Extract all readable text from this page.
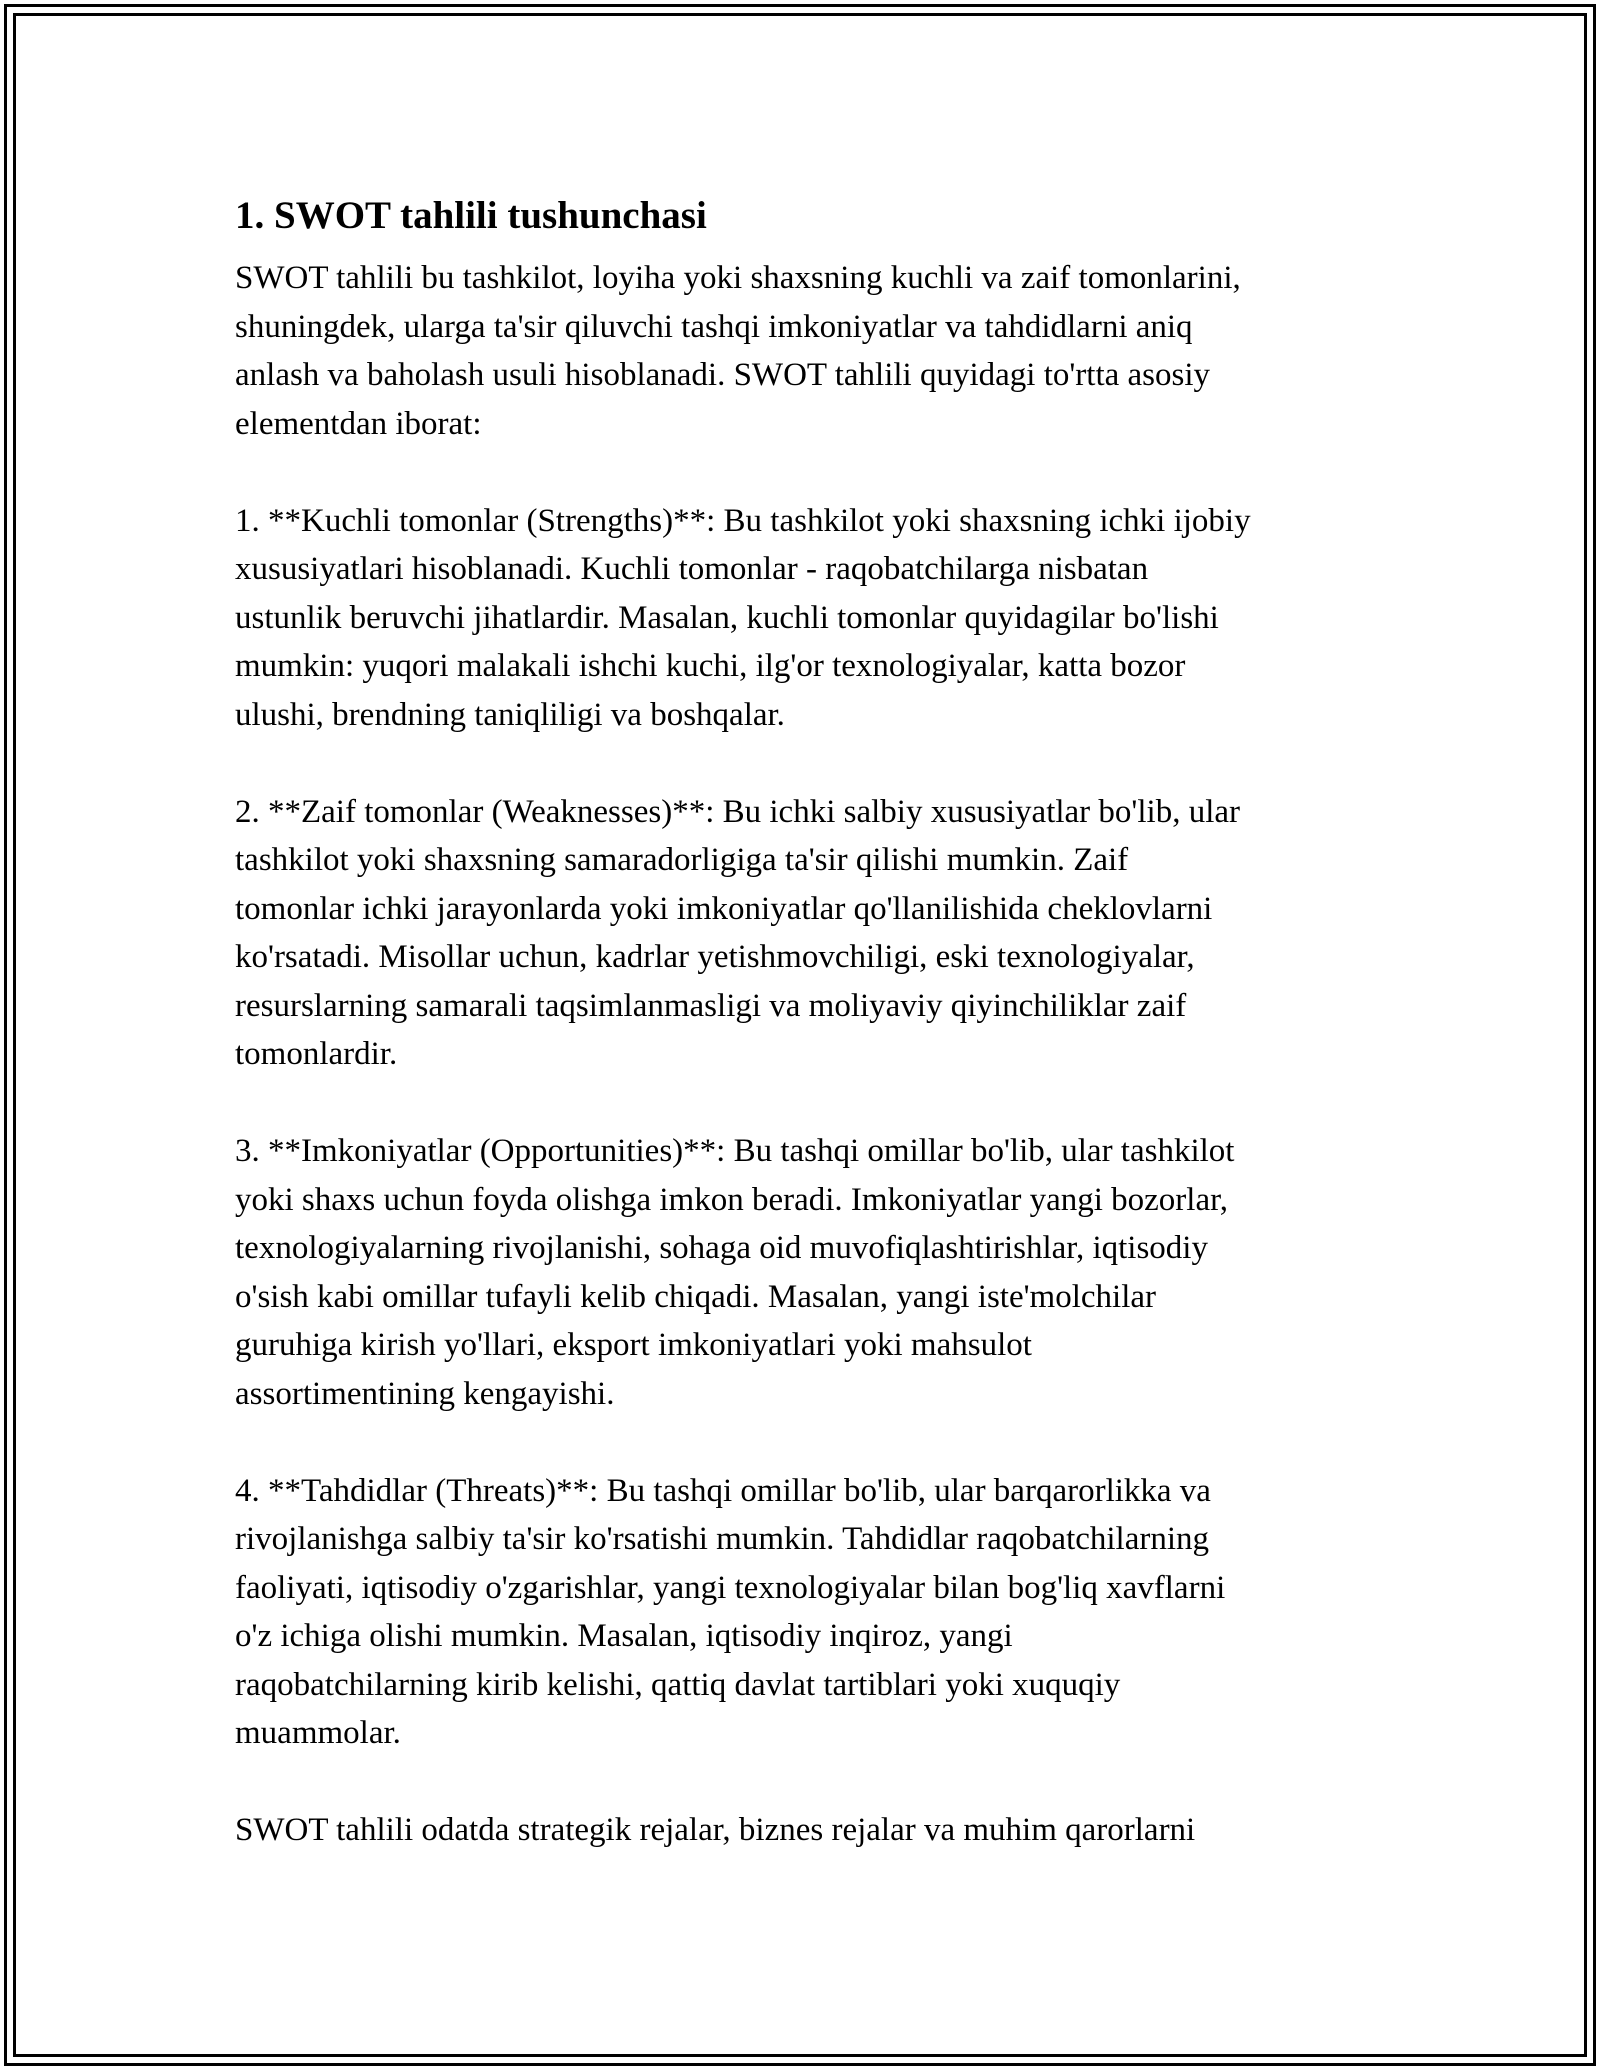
1. SWOT tahlili tushunchasi
SWOT tahlili bu tashkilot, loyiha yoki shaxsning kuchli va zaif tomonlarini,
shuningdek, ularga ta'sir qiluvchi tashqi imkoniyatlar va tahdidlarni aniq
anlash va baholash usuli hisoblanadi. SWOT tahlili quyidagi to'rtta asosiy
elementdan iborat:
1. **Kuchli tomonlar (Strengths)**: Bu tashkilot yoki shaxsning ichki ijobiy
xususiyatlari hisoblanadi. Kuchli tomonlar - raqobatchilarga nisbatan
ustunlik beruvchi jihatlardir. Masalan, kuchli tomonlar quyidagilar bo'lishi
mumkin: yuqori malakali ishchi kuchi, ilg'or texnologiyalar, katta bozor
ulushi, brendning taniqliligi va boshqalar.
2. **Zaif tomonlar (Weaknesses)**: Bu ichki salbiy xususiyatlar bo'lib, ular
tashkilot yoki shaxsning samaradorligiga ta'sir qilishi mumkin. Zaif
tomonlar ichki jarayonlarda yoki imkoniyatlar qo'llanilishida cheklovlarni
ko'rsatadi. Misollar uchun, kadrlar yetishmovchiligi, eski texnologiyalar,
resurslarning samarali taqsimlanmasligi va moliyaviy qiyinchiliklar zaif
tomonlardir.
3. **Imkoniyatlar (Opportunities)**: Bu tashqi omillar bo'lib, ular tashkilot
yoki shaxs uchun foyda olishga imkon beradi. Imkoniyatlar yangi bozorlar,
texnologiyalarning rivojlanishi, sohaga oid muvofiqlashtirishlar, iqtisodiy
o'sish kabi omillar tufayli kelib chiqadi. Masalan, yangi iste'molchilar
guruhiga kirish yo'llari, eksport imkoniyatlari yoki mahsulot
assortimentining kengayishi.
4. **Tahdidlar (Threats)**: Bu tashqi omillar bo'lib, ular barqarorlikka va
rivojlanishga salbiy ta'sir ko'rsatishi mumkin. Tahdidlar raqobatchilarning
faoliyati, iqtisodiy o'zgarishlar, yangi texnologiyalar bilan bog'liq xavflarni
o'z ichiga olishi mumkin. Masalan, iqtisodiy inqiroz, yangi
raqobatchilarning kirib kelishi, qattiq davlat tartiblari yoki xuquqiy
muammolar.
SWOT tahlili odatda strategik rejalar, biznes rejalar va muhim qarorlarni
